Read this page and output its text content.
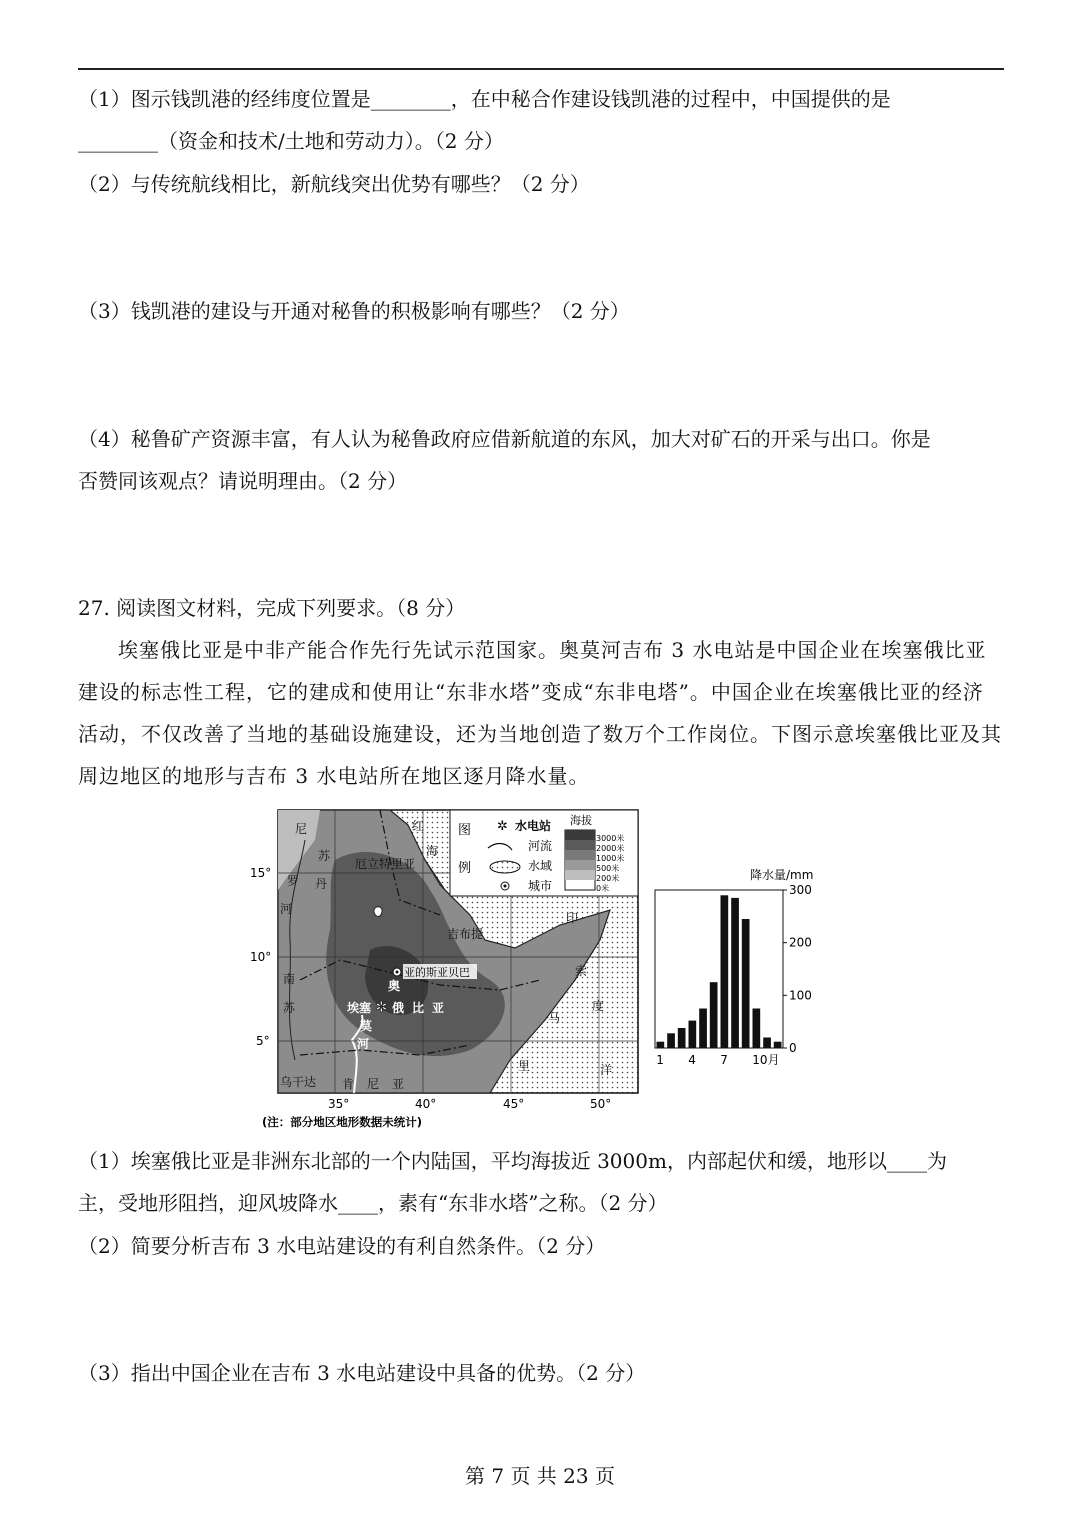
（1）图示钱凯港的经纬度位置是________，在中秘合作建设钱凯港的过程中，中国提供的是
________（资金和技术/土地和劳动力）。（2 分）
（2）与传统航线相比，新航线突出优势有哪些？（2 分）
（3）钱凯港的建设与开通对秘鲁的积极影响有哪些？（2 分）
（4）秘鲁矿产资源丰富，有人认为秘鲁政府应借新航道的东风，加大对矿石的开采与出口。你是
否赞同该观点？请说明理由。（2 分）
27. 阅读图文材料，完成下列要求。（8 分）
埃塞俄比亚是中非产能合作先行先试示范国家。奥莫河吉布 3 水电站是中国企业在埃塞俄比亚建设的标志性工程，它的建成和使用让“东非水塔”变成“东非电塔”。中国企业在埃塞俄比亚的经济活动，不仅改善了当地的基础设施建设，还为当地创造了数万个工作岗位。下图示意埃塞俄比亚及其周边地区的地形与吉布 3 水电站所在地区逐月降水量。
图
例
✲ 水电站
河流
水域
城市
海拔
3000米
2000米
1000米
500米
200米
0米
15°
10°
5°
35°	40°	45°	50°
尼
苏
丹
罗
河
南
苏
红
海
厄立特里亚
吉布提
印
索
度
马
里	洋
乌干达 肯 尼 亚
奥
莫
河
埃塞 俄 比 亚
亚的斯亚贝巴
✲
(注：部分地区地形数据未统计)
降水量/mm
300
200
100
0
1 4 7 10月
（1）埃塞俄比亚是非洲东北部的一个内陆国，平均海拔近 3000m，内部起伏和缓，地形以____为
主，受地形阻挡，迎风坡降水____，素有“东非水塔”之称。（2 分）
（2）简要分析吉布 3 水电站建设的有利自然条件。（2 分）
（3）指出中国企业在吉布 3 水电站建设中具备的优势。（2 分）
第 7 页 共 23 页
